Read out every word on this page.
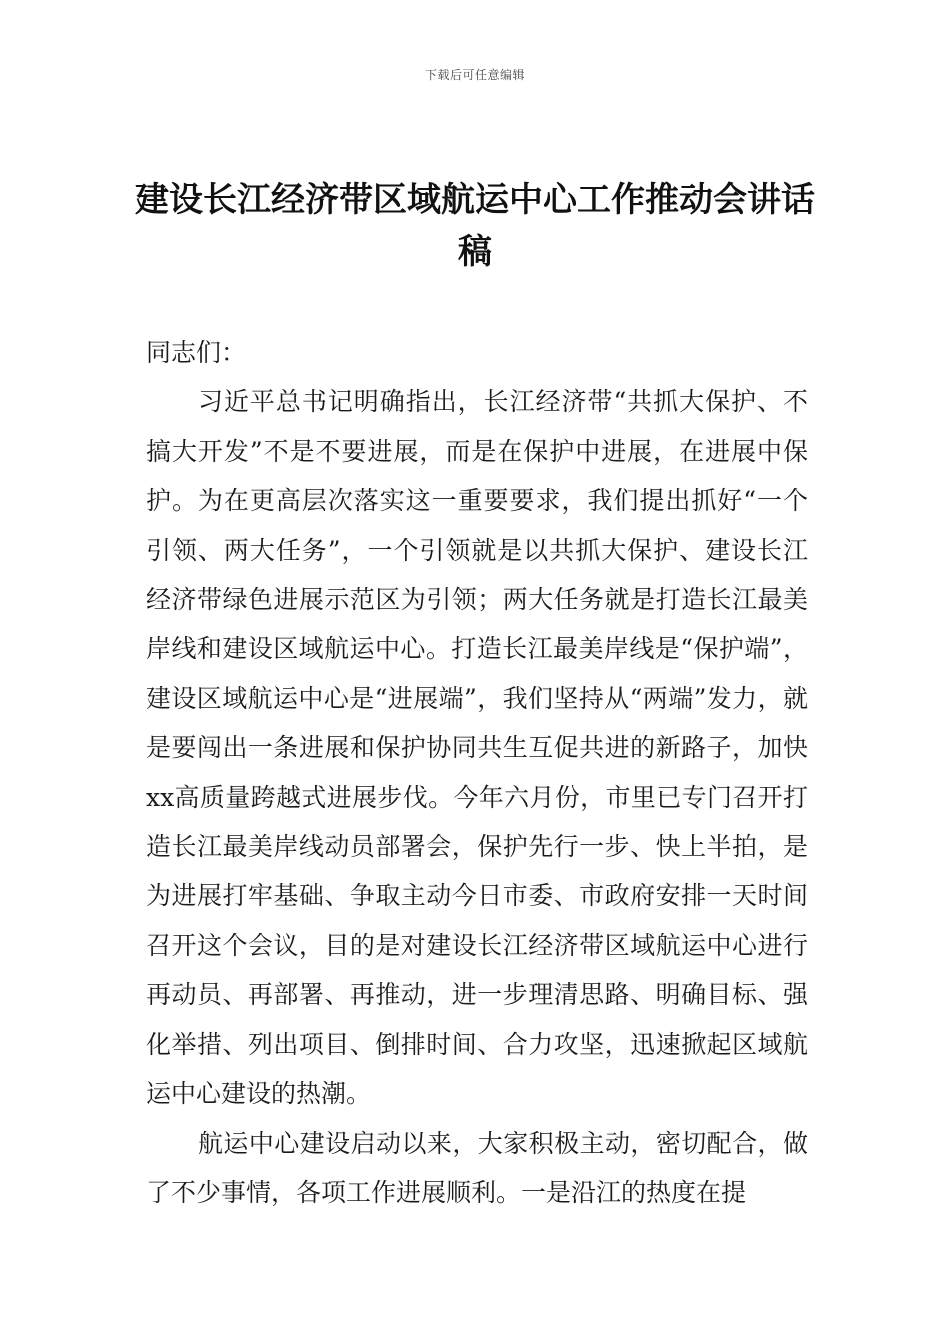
下载后可任意编辑
建设长江经济带区域航运中心工作推动会讲话稿

同志们：

习近平总书记明确指出，长江经济带“共抓大保护、不搞大开发”不是不要进展，而是在保护中进展，在进展中保护。为在更高层次落实这一重要要求，我们提出抓好“一个引领、两大任务”，一个引领就是以共抓大保护、建设长江经济带绿色进展示范区为引领；两大任务就是打造长江最美岸线和建设区域航运中心。打造长江最美岸线是“保护端”，建设区域航运中心是“进展端”，我们坚持从“两端”发力，就是要闯出一条进展和保护协同共生互促共进的新路子，加快xx高质量跨越式进展步伐。今年六月份，市里已专门召开打造长江最美岸线动员部署会，保护先行一步、快上半拍，是为进展打牢基础、争取主动今日市委、市政府安排一天时间召开这个会议，目的是对建设长江经济带区域航运中心进行再动员、再部署、再推动，进一步理清思路、明确目标、强化举措、列出项目、倒排时间、合力攻坚，迅速掀起区域航运中心建设的热潮。

航运中心建设启动以来，大家积极主动，密切配合，做了不少事情，各项工作进展顺利。一是沿江的热度在提
